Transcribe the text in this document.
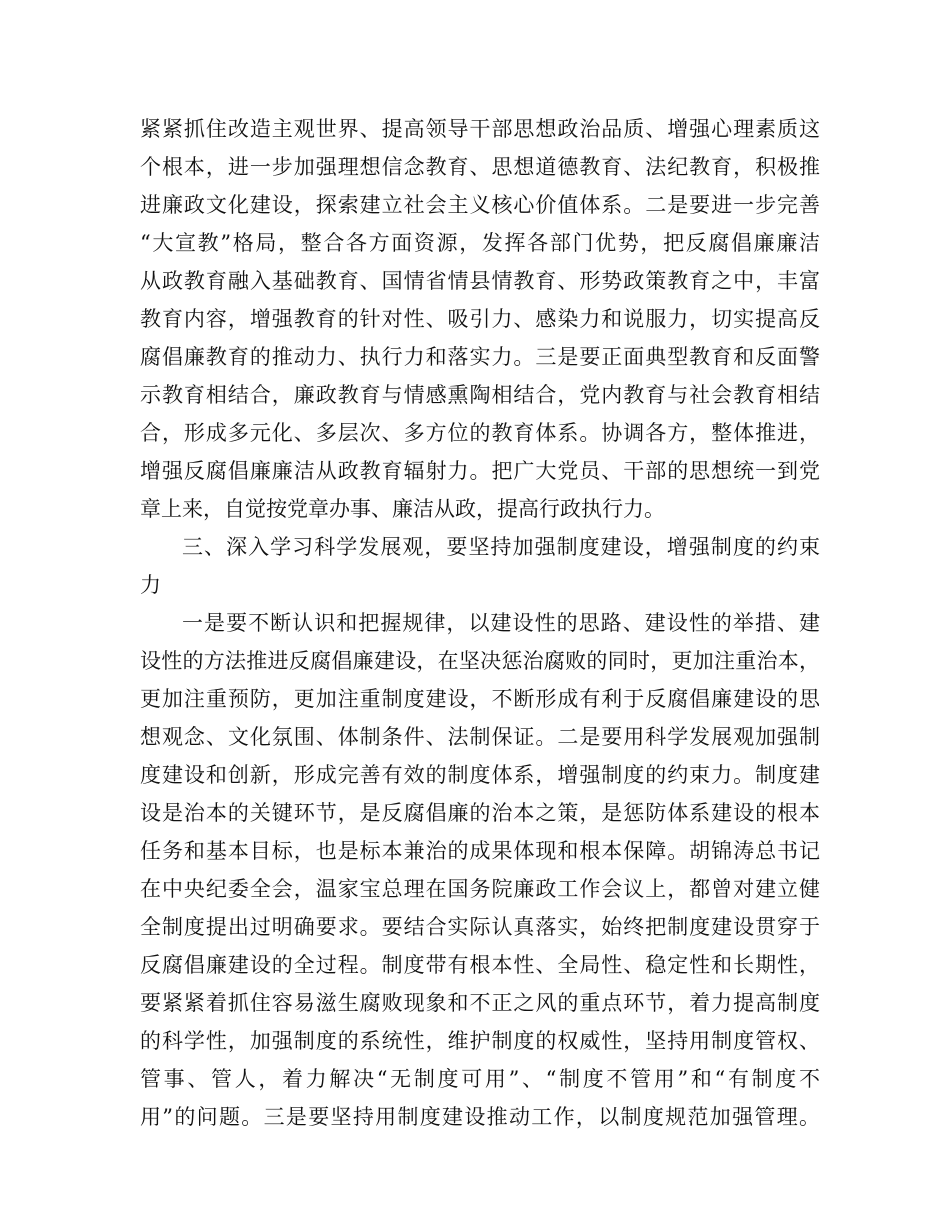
紧紧抓住改造主观世界、提高领导干部思想政治品质、增强心理素质这
个根本，进一步加强理想信念教育、思想道德教育、法纪教育，积极推
进廉政文化建设，探索建立社会主义核心价值体系。二是要进一步完善
“大宣教”格局，整合各方面资源，发挥各部门优势，把反腐倡廉廉洁
从政教育融入基础教育、国情省情县情教育、形势政策教育之中，丰富
教育内容，增强教育的针对性、吸引力、感染力和说服力，切实提高反
腐倡廉教育的推动力、执行力和落实力。三是要正面典型教育和反面警
示教育相结合，廉政教育与情感熏陶相结合，党内教育与社会教育相结
合，形成多元化、多层次、多方位的教育体系。协调各方，整体推进，
增强反腐倡廉廉洁从政教育辐射力。把广大党员、干部的思想统一到党
章上来，自觉按党章办事、廉洁从政，提高行政执行力。
三、深入学习科学发展观，要坚持加强制度建设，增强制度的约束
力
一是要不断认识和把握规律，以建设性的思路、建设性的举措、建
设性的方法推进反腐倡廉建设，在坚决惩治腐败的同时，更加注重治本，
更加注重预防，更加注重制度建设，不断形成有利于反腐倡廉建设的思
想观念、文化氛围、体制条件、法制保证。二是要用科学发展观加强制
度建设和创新，形成完善有效的制度体系，增强制度的约束力。制度建
设是治本的关键环节，是反腐倡廉的治本之策，是惩防体系建设的根本
任务和基本目标，也是标本兼治的成果体现和根本保障。胡锦涛总书记
在中央纪委全会，温家宝总理在国务院廉政工作会议上，都曾对建立健
全制度提出过明确要求。要结合实际认真落实，始终把制度建设贯穿于
反腐倡廉建设的全过程。制度带有根本性、全局性、稳定性和长期性，
要紧紧着抓住容易滋生腐败现象和不正之风的重点环节，着力提高制度
的科学性，加强制度的系统性，维护制度的权威性，坚持用制度管权、
管事、管人，着力解决“无制度可用”、“制度不管用”和“有制度不
用”的问题。三是要坚持用制度建设推动工作，以制度规范加强管理。
